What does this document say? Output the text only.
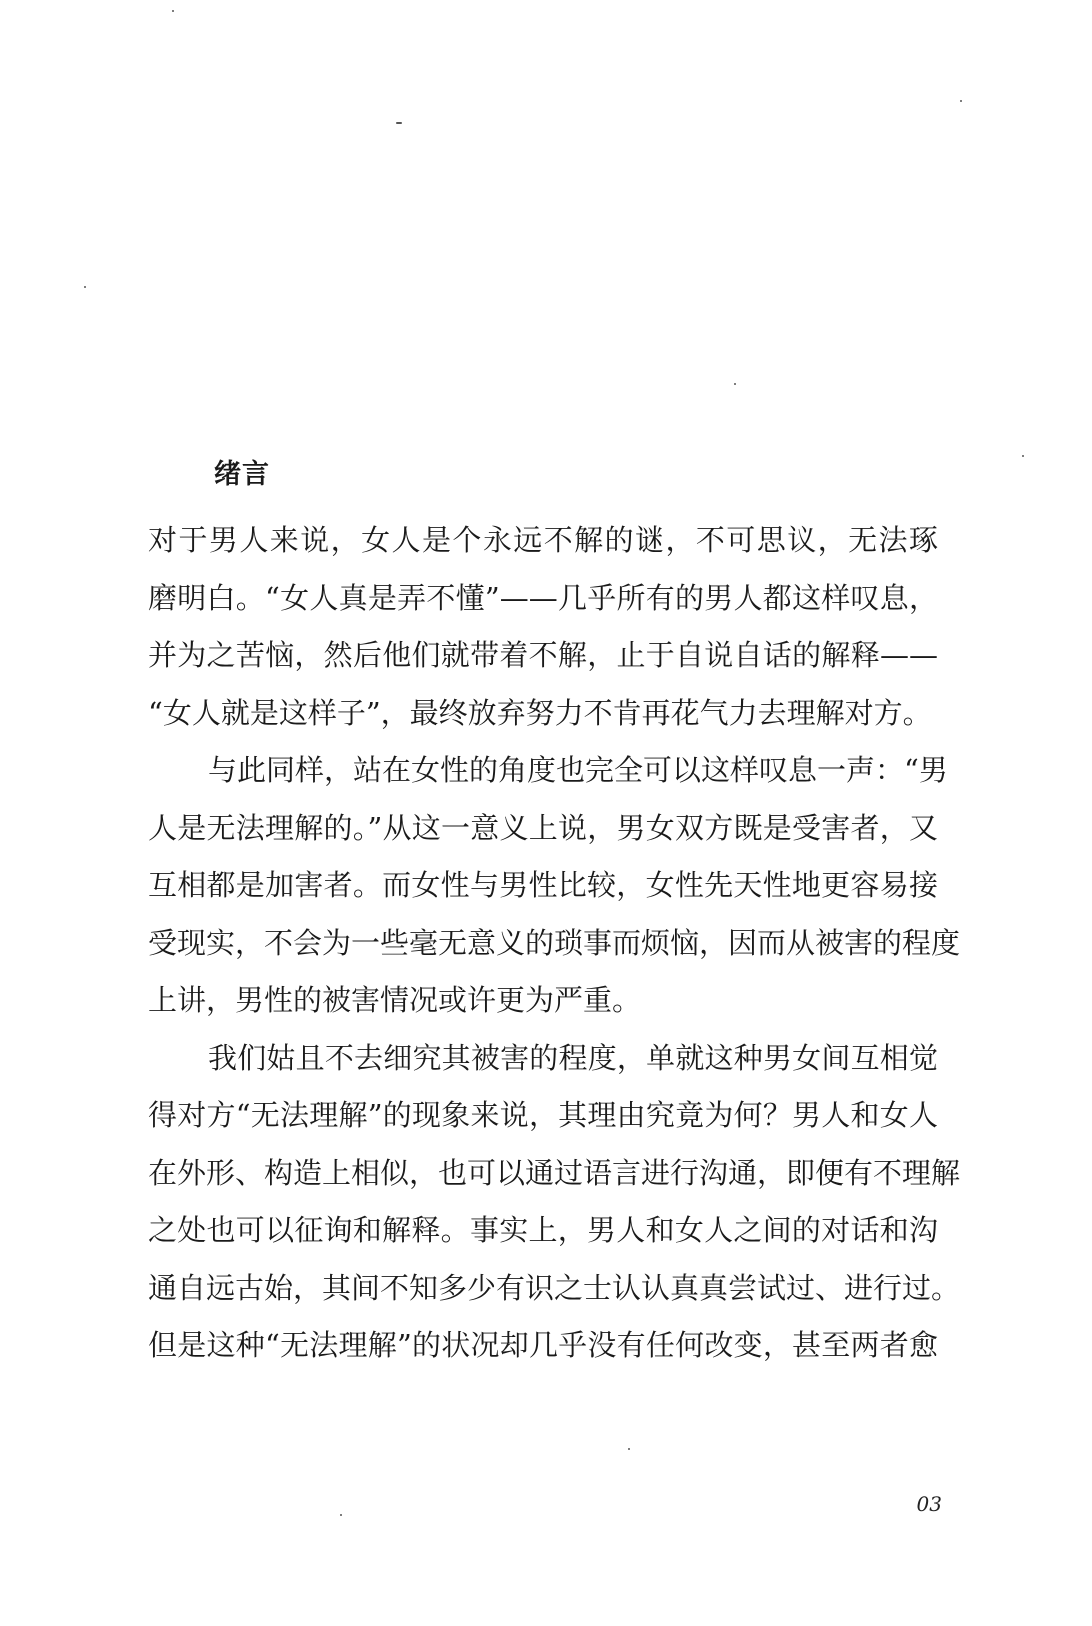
绪言
对于男人来说，女人是个永远不解的谜，不可思议，无法琢
磨明白。“女人真是弄不懂”——几乎所有的男人都这样叹息，
并为之苦恼，然后他们就带着不解，止于自说自话的解释——
“女人就是这样子”，最终放弃努力不肯再花气力去理解对方。
与此同样，站在女性的角度也完全可以这样叹息一声：“男
人是无法理解的。”从这一意义上说，男女双方既是受害者，又
互相都是加害者。而女性与男性比较，女性先天性地更容易接
受现实，不会为一些毫无意义的琐事而烦恼，因而从被害的程度
上讲，男性的被害情况或许更为严重。
我们姑且不去细究其被害的程度，单就这种男女间互相觉
得对方“无法理解”的现象来说，其理由究竟为何？男人和女人
在外形、构造上相似，也可以通过语言进行沟通，即便有不理解
之处也可以征询和解释。事实上，男人和女人之间的对话和沟
通自远古始，其间不知多少有识之士认认真真尝试过、进行过。
但是这种“无法理解”的状况却几乎没有任何改变，甚至两者愈
03
